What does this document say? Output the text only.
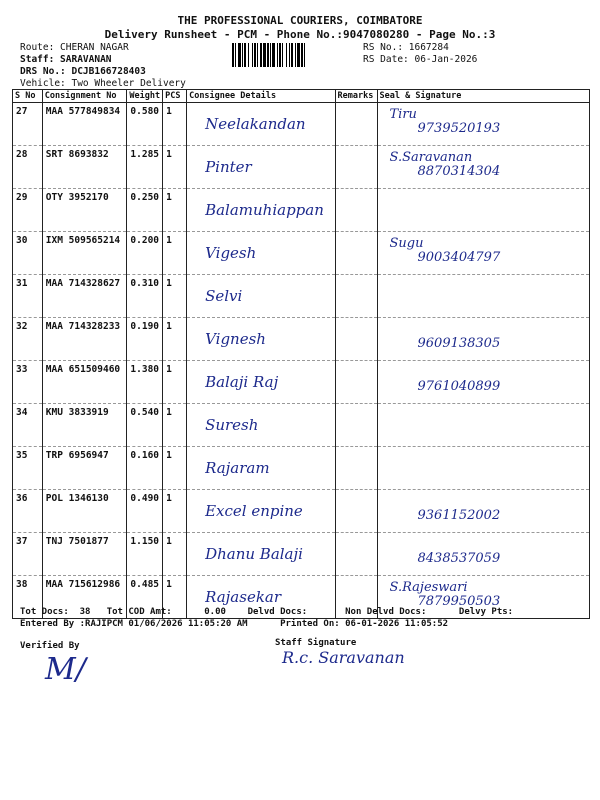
THE PROFESSIONAL COURIERS, COIMBATORE
Delivery Runsheet - PCM - Phone No.:9047080280 - Page No.:3
Route: CHERAN NAGAR
Staff: SARAVANAN
DRS No.: DCJB166728403
Vehicle: Two Wheeler Delivery
RS No.: 1667284
RS Date: 06-Jan-2026
S No	Consignment No	Weight	PCS	Consignee Details	Remarks	Seal & Signature
27	MAA 577849834	0.580	1	Neelakandan		Tiru
9739520193

28	SRT 8693832	1.285	1	Pinter		S.Saravanan
8870314304

29	OTY 3952170	0.250	1	Balamuhiappan		

30	IXM 509565214	0.200	1	Vigesh		Sugu
9003404797

31	MAA 714328627	0.310	1	Selvi		

32	MAA 714328233	0.190	1	Vignesh		9609138305

33	MAA 651509460	1.380	1	Balaji Raj		9761040899

34	KMU 3833919	0.540	1	Suresh		

35	TRP 6956947	0.160	1	Rajaram		

36	POL 1346130	0.490	1	Excel enpine		9361152002

37	TNJ 7501877	1.150	1	Dhanu Balaji		8438537059

38	MAA 715612986	0.485	1	Rajasekar		S.Rajeswari
7879950503
Tot Docs:  38   Tot COD Amt:      0.00    Delvd Docs:       Non Delvd Docs:      Delvy Pts:
Entered By :RAJIPCM 01/06/2026 11:05:20 AM      Printed On: 06-01-2026 11:05:52
Verified By
M/
Staff Signature
R.c. Saravanan
